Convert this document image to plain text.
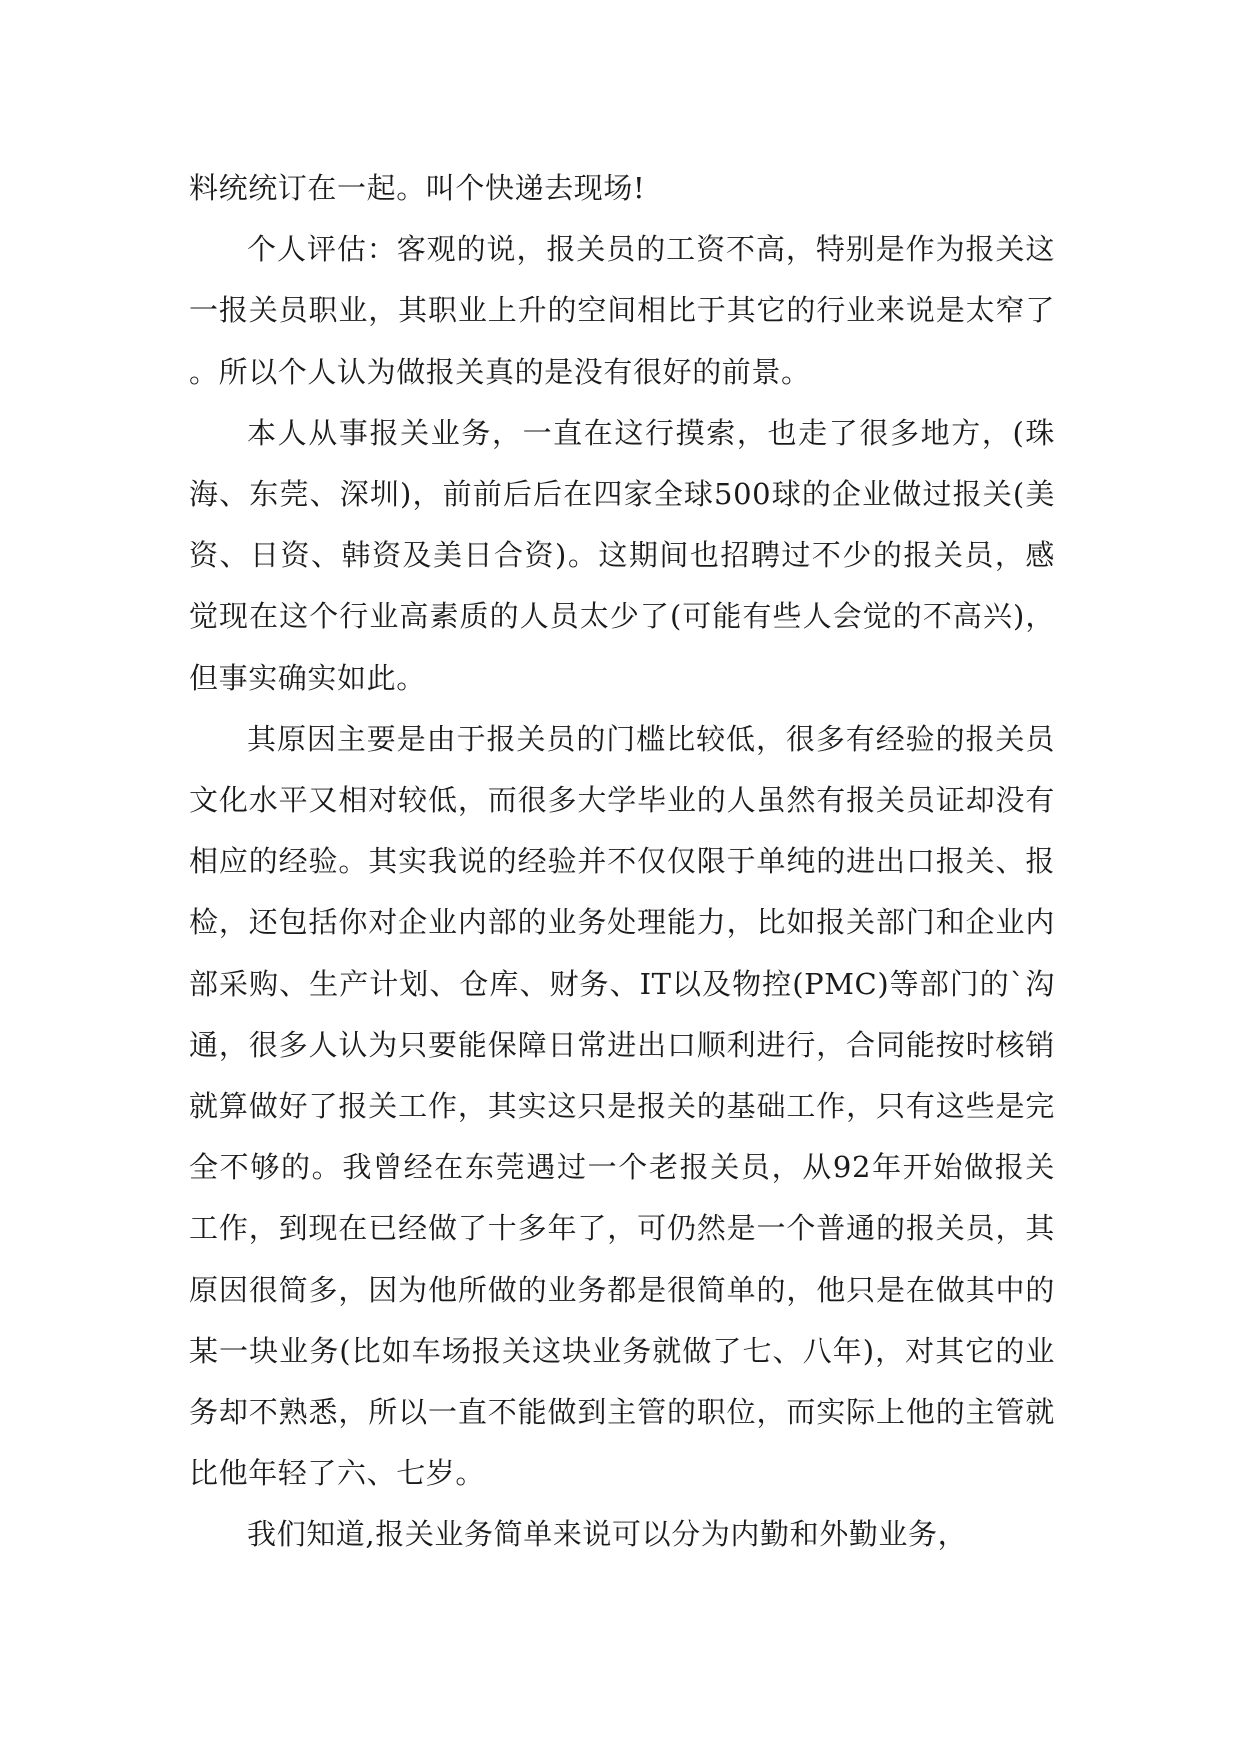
料统统订在一起。叫个快递去现场!

个人评估：客观的说，报关员的工资不高，特别是作为报关这一报关员职业，其职业上升的空间相比于其它的行业来说是太窄了。所以个人认为做报关真的是没有很好的前景。

本人从事报关业务，一直在这行摸索，也走了很多地方，(珠海、东莞、深圳)，前前后后在四家全球500球的企业做过报关(美资、日资、韩资及美日合资)。这期间也招聘过不少的报关员，感觉现在这个行业高素质的人员太少了(可能有些人会觉的不高兴)，但事实确实如此。

其原因主要是由于报关员的门槛比较低，很多有经验的报关员文化水平又相对较低，而很多大学毕业的人虽然有报关员证却没有相应的经验。其实我说的经验并不仅仅限于单纯的进出口报关、报检，还包括你对企业内部的业务处理能力，比如报关部门和企业内部采购、生产计划、仓库、财务、IT以及物控(PMC)等部门的`沟通，很多人认为只要能保障日常进出口顺利进行，合同能按时核销就算做好了报关工作，其实这只是报关的基础工作，只有这些是完全不够的。我曾经在东莞遇过一个老报关员，从92年开始做报关工作，到现在已经做了十多年了，可仍然是一个普通的报关员，其原因很简多，因为他所做的业务都是很简单的，他只是在做其中的某一块业务(比如车场报关这块业务就做了七、八年)，对其它的业务却不熟悉，所以一直不能做到主管的职位，而实际上他的主管就比他年轻了六、七岁。

我们知道,报关业务简单来说可以分为内勤和外勤业务，
